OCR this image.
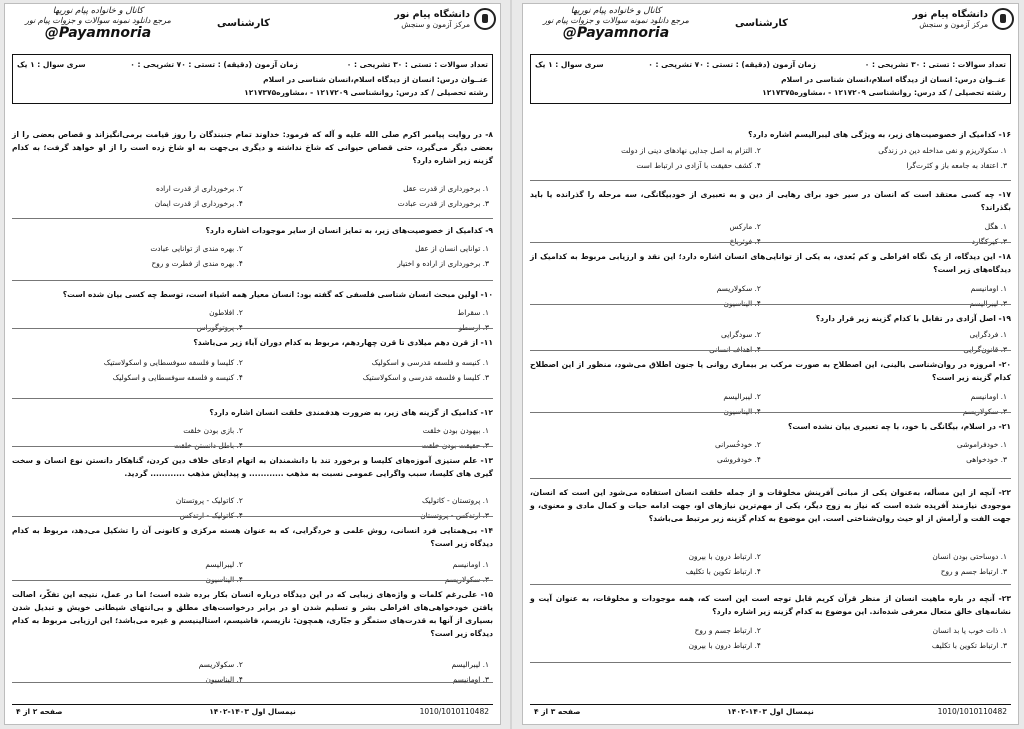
دانشگاه پیام نور
مرکز آزمون و سنجش
کارشناسی
کانال و خانواده پیام نوریها
مرجع دانلود نمونه سوالات و جزوات پیام نور
@Payamnoria
تعداد سوالات : تستی : ۳۰ تشریحی : ۰
زمان آزمون (دقیقه) : تستی : ۷۰ تشریحی : ۰
سری سوال : ۱ یک
عنــوان درس: انسان از دیدگاه اسلام،انسان شناسی در اسلام
رشته تحصیلی / کد درس: روانشناسی ۱۲۱۷۲۰۹ - ،مشاوره۱۲۱۷۳۷۵
۸- در روایت پیامبر اکرم صلی الله علیه و آله که فرمود: خداوند تمام جنبندگان را روز قیامت برمی‌انگیزاند و قصاص بعضی را از بعضی دیگر می‌گیرد، حتی قصاص حیوانی که شاخ نداشته و دیگری بی‌جهت به او شاخ زده است را از او خواهد گرفت؛ به کدام گزینه زیر اشاره دارد؟
۱. برخورداری از قدرت عقل
۲. برخورداری از قدرت اراده
۳. برخورداری از قدرت عبادت
۴. برخورداری از قدرت ایمان
۹- کدامیک از خصوصیت‌های زیر، به تمایز انسان از سایر موجودات اشاره دارد؟
۱. توانایی انسان از عقل
۲. بهره مندی از توانایی عبادت
۳. برخورداری از اراده و اختیار
۴. بهره مندی از فطرت و روح
۱۰- اولین مبحث انسان شناسی فلسفی که گفته بود: انسان معیار همه اشیاء است، توسط چه کسی بیان شده است؟
۱. سقراط
۲. افلاطون
۳. ارسطو
۴. پروتوگوراس
۱۱- از قرن دهم میلادی تا قرن چهاردهم، مربوط به کدام دوران آباء زیر می‌باشد؟
۱. کنیسه و فلسفه مَدرسی و اسکولیک
۲. کلیسا و فلسفه سوفسطایی و اسکولاستیک
۳. کلیسا و فلسفه مَدرسی و اسکولاستیک
۴. کنیسه و فلسفه سوفسطایی و اسکولیک
۱۲- کدامیک از گزینه های زیر، به ضرورت هدفمندی خلقت انسان اشاره دارد؟
۱. بیهودن بودن خلقت
۲. بازی بودن خلقت
۳. حقیقت بودن خلقت
۴. باطل دانستن خلقت
۱۳- علم ستیزی آموزه‌های کلیسا و برخورد تند با دانشمندان به اتهام ادعای خلاف دین کردن، گناهکار دانستن نوع انسان و سخت گیری های کلیسا، سبب واگرایی عمومی نسبت به مذهب ............ و پیدایش مذهب ............ گردید.
۱. پروتستان - کاتولیک
۲. کاتولیک - پروتستان
۳. ارتدکس - پروتستان
۴. کاتولیک - ارتدکس
۱۴- بی‌همتایی فرد انسانی، روش علمی و خردگرایی، که به عنوان هسته مرکزی و کانونی آن را تشکیل می‌دهد، مربوط به کدام دیدگاه زیر است؟
۱. اومانیسم
۲. لیبرالیسم
۳. سکولاریسم
۴. الیناسیون
۱۵- علی‌رغم کلمات و واژه‌های زیبایی که در این دیدگاه درباره انسان بکار برده شده است؛ اما در عمل، نتیجه این تفکّر، اصالت یافتن خودخواهی‌های افراطی بشر و تسلیم شدن او در برابر درخواست‌های مطلق و بی‌انتهای شیطانی خویش و تبدیل شدن بسیاری از آنها به قدرت‌های ستمگر و جبّاری، همچون: نازیسم، فاشیسم، استالینیسم و غیره می‌باشد؛ این ارزیابی مربوط به کدام دیدگاه زیر است؟
۱. لیبرالیسم
۲. سکولاریسم
۳. اومانیسم
۴. الیناسیون
1010/1010110482
نیمسال اول ۱۴۰۳-۱۴۰۲
صفحه ۲ از ۴
دانشگاه پیام نور
مرکز آزمون و سنجش
کارشناسی
کانال و خانواده پیام نوریها
مرجع دانلود نمونه سوالات و جزوات پیام نور
@Payamnoria
تعداد سوالات : تستی : ۳۰ تشریحی : ۰
زمان آزمون (دقیقه) : تستی : ۷۰ تشریحی : ۰
سری سوال : ۱ یک
عنــوان درس: انسان از دیدگاه اسلام،انسان شناسی در اسلام
رشته تحصیلی / کد درس: روانشناسی ۱۲۱۷۲۰۹ - ،مشاوره۱۲۱۷۳۷۵
۱۶- کدامیک از خصوصیت‌های زیر، به ویژگی های لیبرالیسم اشاره دارد؟
۱. سکولاریزم و نفی مداخله دین در زندگی
۲. التزام به اصل جدایی نهادهای دینی از دولت
۳. اعتقاد به جامعه باز و کثرت‌گرا
۴. کشف حقیقت با آزادی در ارتباط است
۱۷- چه کسی معتقد است که انسان در سیر خود برای رهایی از دین و به تعبیری از خودبیگانگی، سه مرحله را گذرانده یا باید بگذراند؟
۱. هگل
۲. مارکس
۳. کیرکگارد
۴. فوئرباخ
۱۸- این دیدگاه، از یک نگاه افراطی و کم بُعدی، به یکی از توانایی‌های انسان اشاره دارد؛ این نقد و ارزیابی مربوط به کدامیک از دیدگاه‌های زیر است؟
۱. اومانیسم
۲. سکولاریسم
۳. لیبرالیسم
۴. الیناسیون
۱۹- اصل آزادی در تقابل با کدام گزینه زیر قرار دارد؟
۱. فردگرایی
۲. سودگرایی
۳. قانون‌گرایی
۴. اهداف انسانی
۲۰- امروزه در روان‌شناسی بالینی، این اصطلاح به صورت مرکب بر بیماری روانی یا جنون اطلاق می‌شود، منظور از این اصطلاح کدام گزینه زیر است؟
۱. اومانیسم
۲. لیبرالیسم
۳. سکولاریسم
۴. الیناسیون
۲۱- در اسلام، بیگانگی با خود، با چه تعبیری بیان نشده است؟
۱. خودفراموشی
۲. خودخُسرانی
۳. خودخواهی
۴. خودفروشی
۲۲- آنچه از این مسأله، به‌عنوان یکی از مبانی آفرینش مخلوقات و از جمله خلقت انسان استفاده می‌شود این است که انسان، موجودی نیازمند آفریده شده است که نیاز به زوج دیگر، یکی از مهم‌ترین نیازهای او، جهت ادامه حیات و کمال مادی و معنوی، و جهت الفت و آرامش از او حیث روان‌شناختی است. این موضوع به کدام گزینه زیر مرتبط می‌باشد؟
۱. دوساحتی بودن انسان
۲. ارتباط درون با بیرون
۳. ارتباط جسم و روح
۴. ارتباط تکوین با تکلیف
۲۳- آنچه در باره ماهیت انسان از منظر قرآن کریم قابل توجه است این است که، همه موجودات و مخلوقات، به عنوان آیت و نشانه‌های خالق متعال معرفی شده‌اند. این موضوع به کدام گزینه زیر اشاره دارد؟
۱. ذات خوب یا بد انسان
۲. ارتباط جسم و روح
۳. ارتباط تکوین با تکلیف
۴. ارتباط درون با بیرون
1010/1010110482
نیمسال اول ۱۴۰۳-۱۴۰۲
صفحه ۳ از ۴
